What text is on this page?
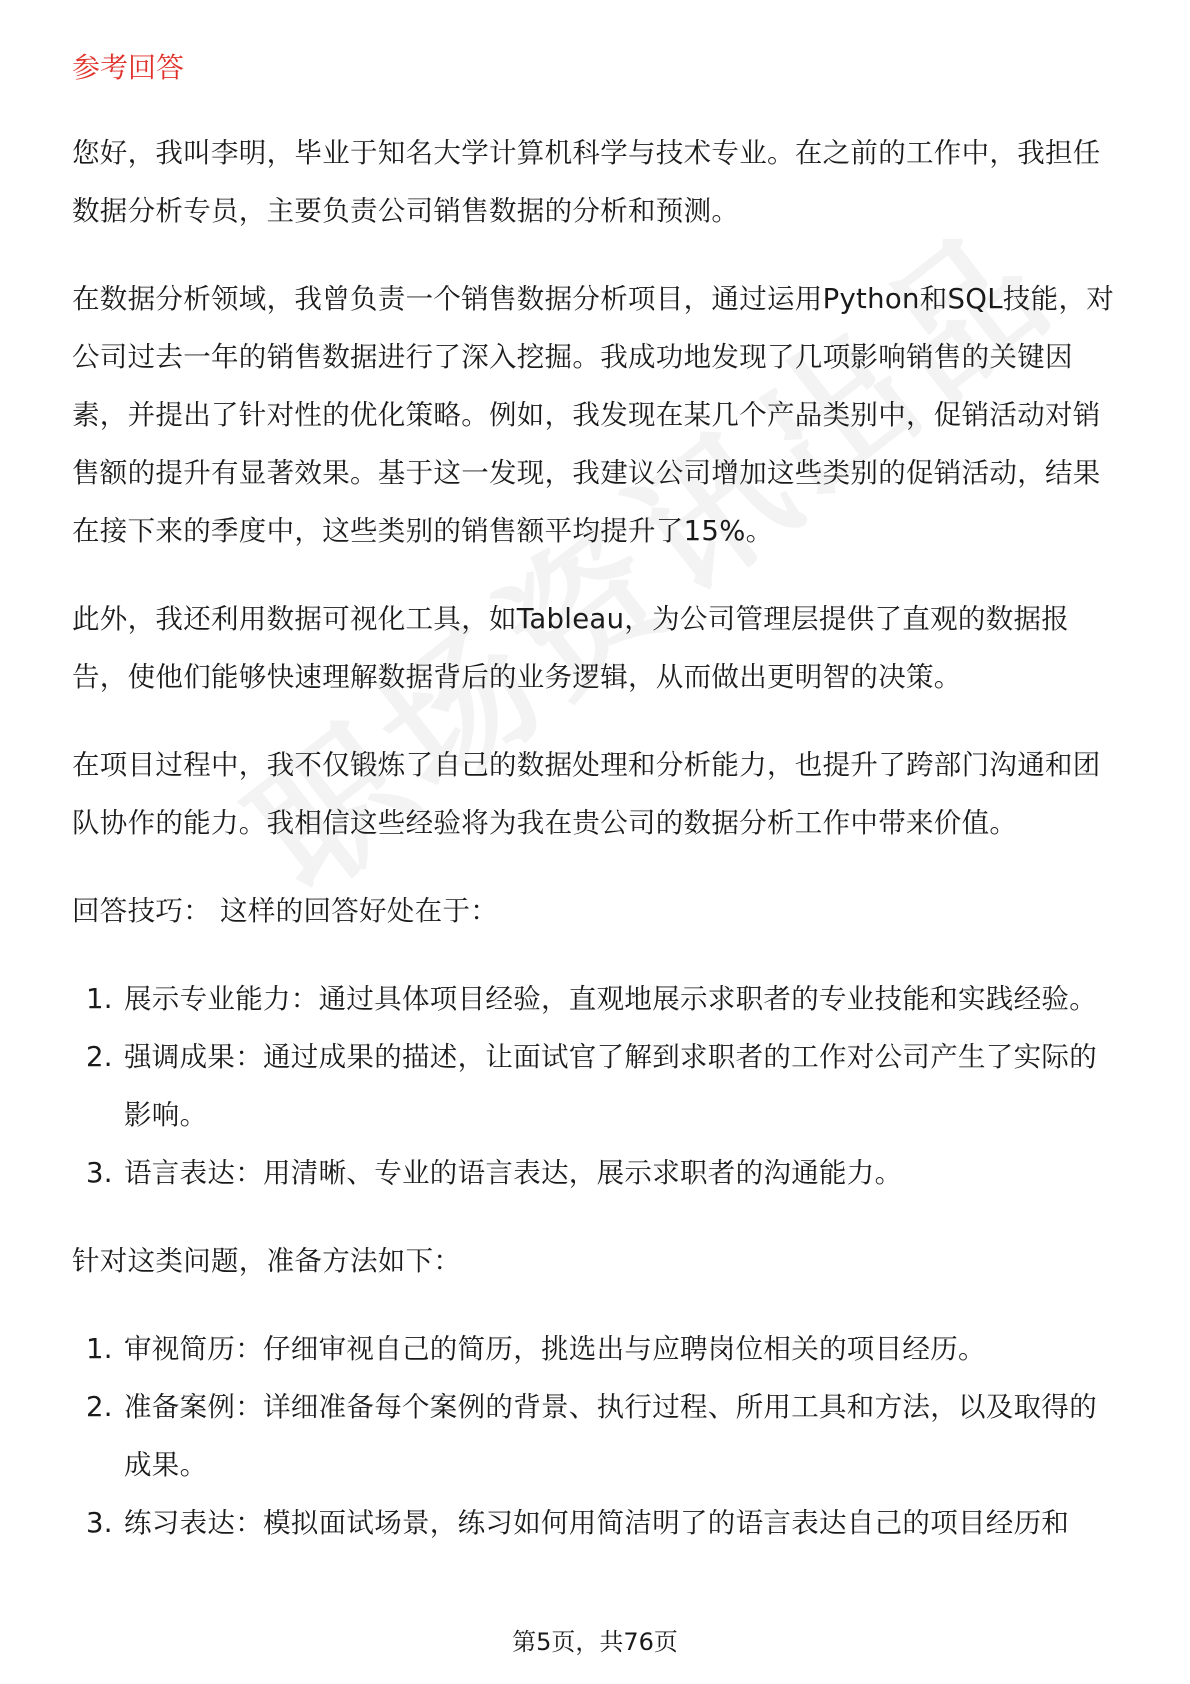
参考回答

您好，我叫李明，毕业于知名大学计算机科学与技术专业。在之前的工作中，我担任数据分析专员，主要负责公司销售数据的分析和预测。

在数据分析领域，我曾负责一个销售数据分析项目，通过运用Python和SQL技能，对公司过去一年的销售数据进行了深入挖掘。我成功地发现了几项影响销售的关键因素，并提出了针对性的优化策略。例如，我发现在某几个产品类别中，促销活动对销售额的提升有显著效果。基于这一发现，我建议公司增加这些类别的促销活动，结果在接下来的季度中，这些类别的销售额平均提升了15%。

此外，我还利用数据可视化工具，如Tableau，为公司管理层提供了直观的数据报告，使他们能够快速理解数据背后的业务逻辑，从而做出更明智的决策。

在项目过程中，我不仅锻炼了自己的数据处理和分析能力，也提升了跨部门沟通和团队协作的能力。我相信这些经验将为我在贵公司的数据分析工作中带来价值。

回答技巧： 这样的回答好处在于：

1. 展示专业能力：通过具体项目经验，直观地展示求职者的专业技能和实践经验。
2. 强调成果：通过成果的描述，让面试官了解到求职者的工作对公司产生了实际的影响。
3. 语言表达：用清晰、专业的语言表达，展示求职者的沟通能力。

针对这类问题，准备方法如下：

1. 审视简历：仔细审视自己的简历，挑选出与应聘岗位相关的项目经历。
2. 准备案例：详细准备每个案例的背景、执行过程、所用工具和方法，以及取得的成果。
3. 练习表达：模拟面试场景，练习如何用简洁明了的语言表达自己的项目经历和
第5页，共76页
